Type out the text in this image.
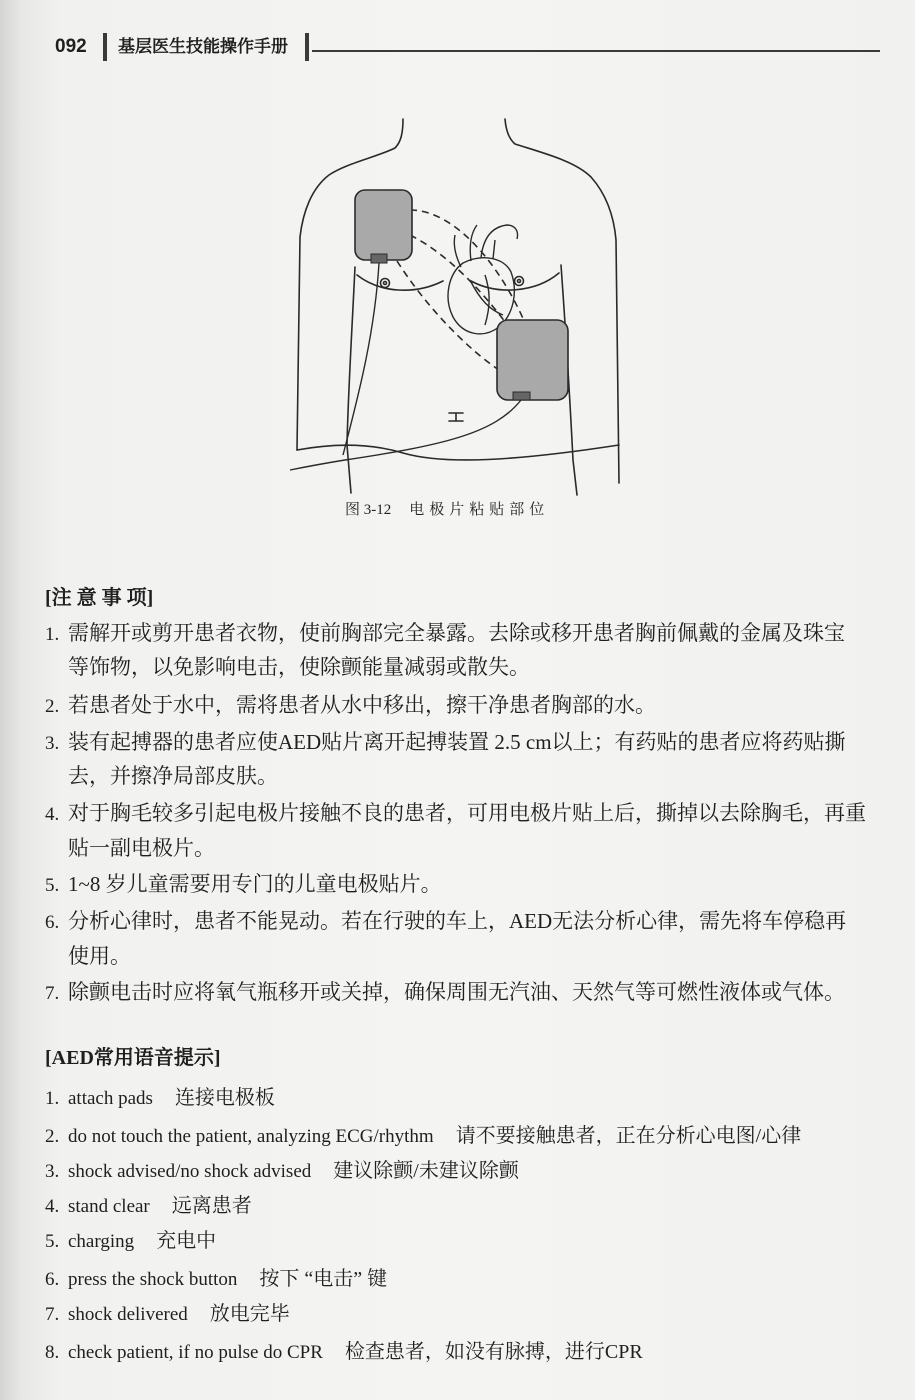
092 基层医生技能操作手册
图 3-12 电极片粘贴部位
[注 意 事 项]
1. 需解开或剪开患者衣物，使前胸部完全暴露。去除或移开患者胸前佩戴的金属及珠宝
等饰物，以免影响电击，使除颤能量减弱或散失。
2. 若患者处于水中，需将患者从水中移出，擦干净患者胸部的水。
3. 装有起搏器的患者应使AED贴片离开起搏装置 2.5 cm以上；有药贴的患者应将药贴撕
去，并擦净局部皮肤。
4. 对于胸毛较多引起电极片接触不良的患者，可用电极片贴上后，撕掉以去除胸毛，再重
贴一副电极片。
5. 1~8 岁儿童需要用专门的儿童电极贴片。
6. 分析心律时，患者不能晃动。若在行驶的车上，AED无法分析心律，需先将车停稳再
使用。
7. 除颤电击时应将氧气瓶移开或关掉，确保周围无汽油、天然气等可燃性液体或气体。
[AED常用语音提示]
1. attach pads 连接电极板
2. do not touch the patient, analyzing ECG/rhythm 请不要接触患者，正在分析心电图/心律
3. shock advised/no shock advised 建议除颤/未建议除颤
4. stand clear 远离患者
5. charging 充电中
6. press the shock button 按下 “电击” 键
7. shock delivered 放电完毕
8. check patient, if no pulse do CPR 检查患者，如没有脉搏，进行CPR
